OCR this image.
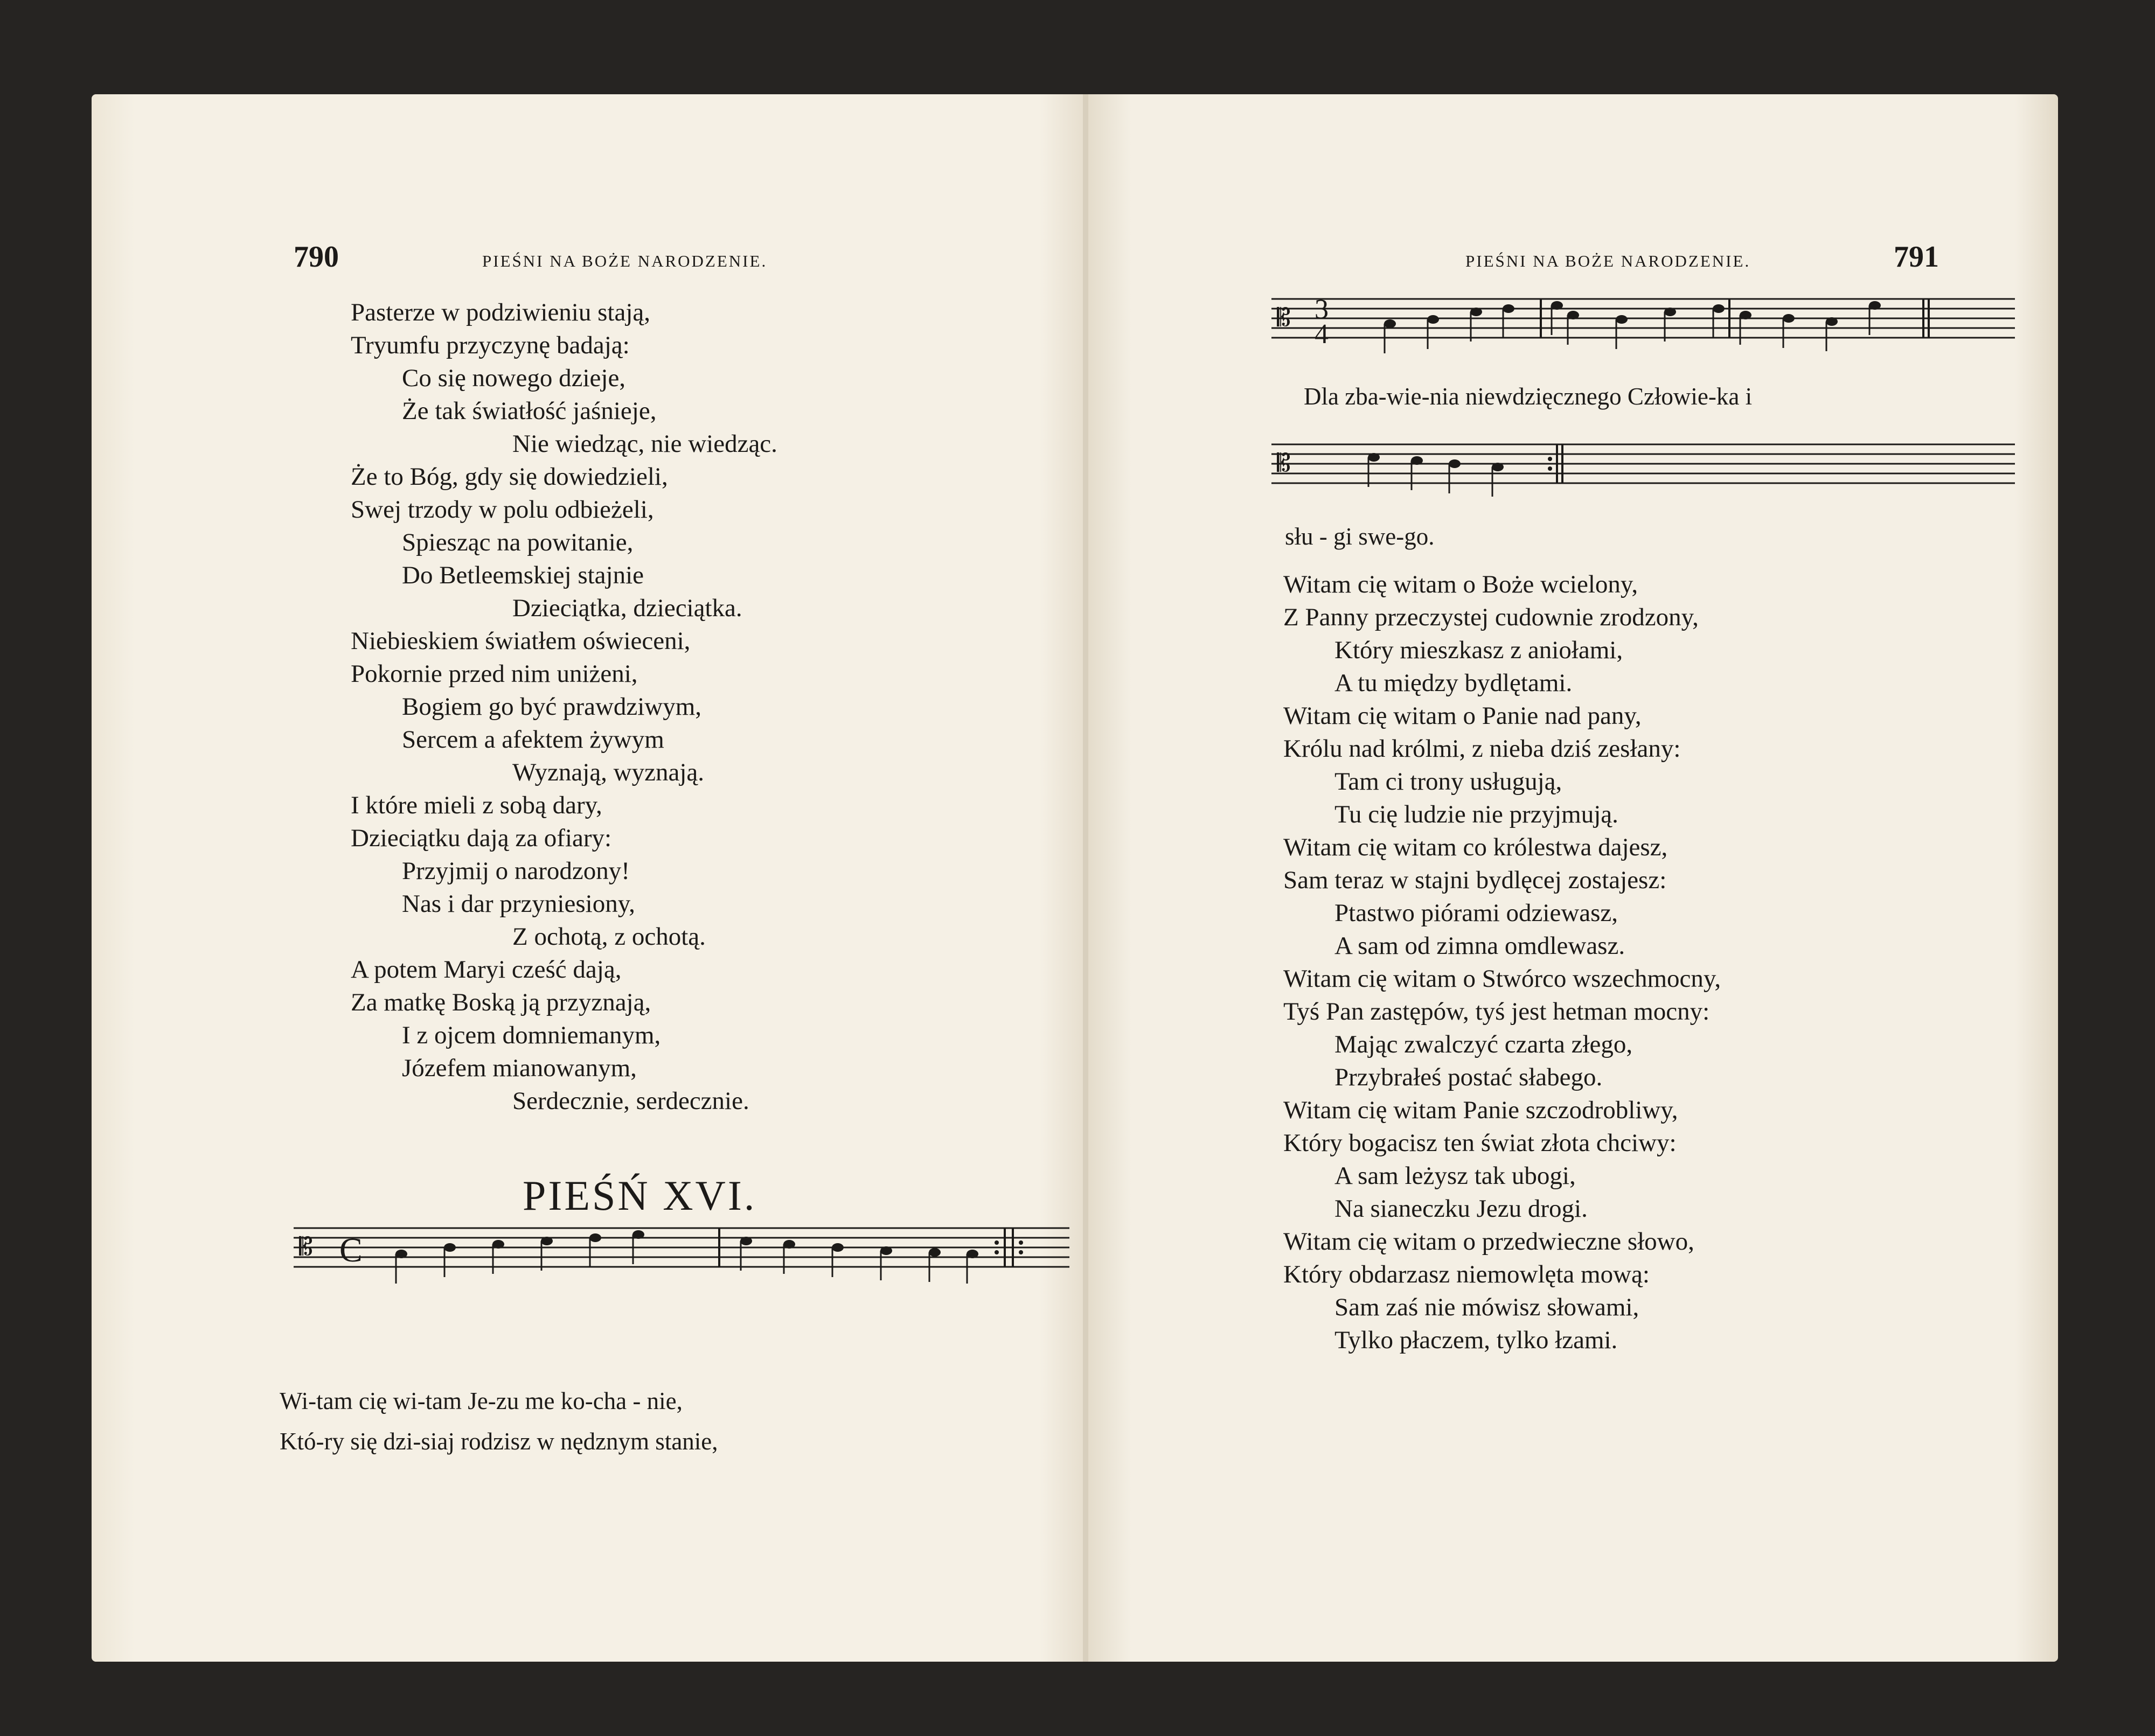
790	PIEŚNI NA BOŻE NARODZENIE.
Pasterze w podziwieniu stają,
Tryumfu przyczynę badają:
Co się nowego dzieje,
Że tak światłość jaśnieje,
Nie wiedząc, nie wiedząc.
Że to Bóg, gdy się dowiedzieli,
Swej trzody w polu odbieżeli,
Spiesząc na powitanie,
Do Betleemskiej stajnie
Dzieciątka, dzieciątka.
Niebieskiem światłem oświeceni,
Pokornie przed nim uniżeni,
Bogiem go być prawdziwym,
Sercem a afektem żywym
Wyznają, wyznają.
I które mieli z sobą dary,
Dzieciątku dają za ofiary:
Przyjmij o narodzony!
Nas i dar przyniesiony,
Z ochotą, z ochotą.
A potem Maryi cześć dają,
Za matkę Boską ją przyznają,
I z ojcem domniemanym,
Józefem mianowanym,
Serdecznie, serdecznie.
PIEŚŃ XVI.
𝄡 C
Wi-tam cię wi-tam Je-zu me ko-cha - nie,
Któ-ry się dzi-siaj rodzisz w nędznym stanie,
PIEŚNI NA BOŻE NARODZENIE.	791
𝄡 3
4
Dla zba-wie-nia niewdzięcznego Człowie-ka i
𝄡
słu - gi swe-go.
Witam cię witam o Boże wcielony,
Z Panny przeczystej cudownie zrodzony,
Który mieszkasz z aniołami,
A tu między bydlętami.
Witam cię witam o Panie nad pany,
Królu nad królmi, z nieba dziś zesłany:
Tam ci trony usługują,
Tu cię ludzie nie przyjmują.
Witam cię witam co królestwa dajesz,
Sam teraz w stajni bydlęcej zostajesz:
Ptastwo piórami odziewasz,
A sam od zimna omdlewasz.
Witam cię witam o Stwórco wszechmocny,
Tyś Pan zastępów, tyś jest hetman mocny:
Mając zwalczyć czarta złego,
Przybrałeś postać słabego.
Witam cię witam Panie szczodrobliwy,
Który bogacisz ten świat złota chciwy:
A sam leżysz tak ubogi,
Na sianeczku Jezu drogi.
Witam cię witam o przedwieczne słowo,
Który obdarzasz niemowlęta mową:
Sam zaś nie mówisz słowami,
Tylko płaczem, tylko łzami.
